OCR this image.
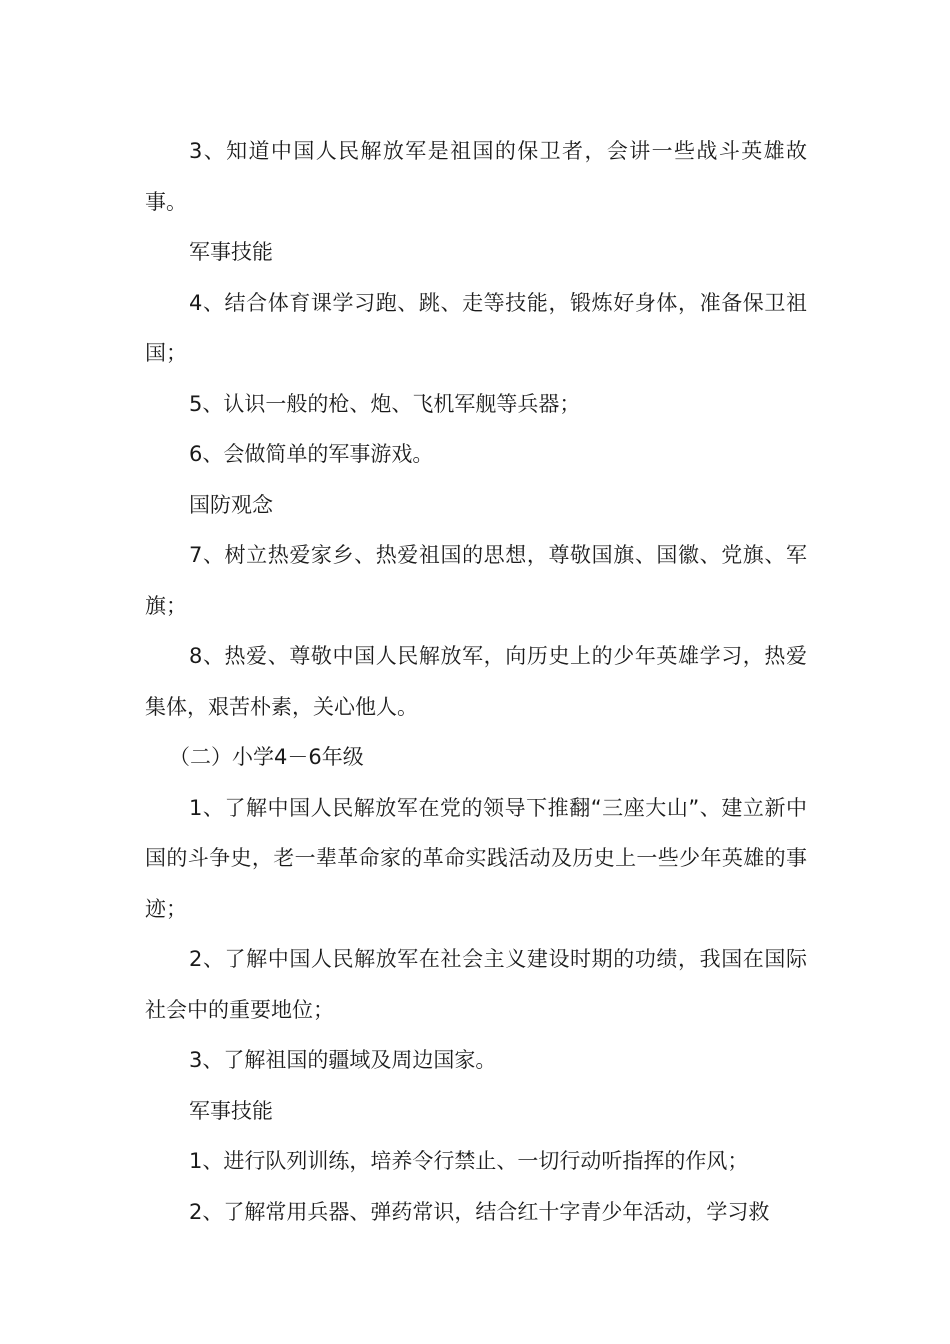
3、知道中国人民解放军是祖国的保卫者，会讲一些战斗英雄故事。

军事技能

4、结合体育课学习跑、跳、走等技能，锻炼好身体，准备保卫祖国；

5、认识一般的枪、炮、飞机军舰等兵器；

6、会做简单的军事游戏。

国防观念

7、树立热爱家乡、热爱祖国的思想，尊敬国旗、国徽、党旗、军旗；

8、热爱、尊敬中国人民解放军，向历史上的少年英雄学习，热爱集体，艰苦朴素，关心他人。

（二）小学4－6年级

1、了解中国人民解放军在党的领导下推翻“三座大山”、建立新中国的斗争史，老一辈革命家的革命实践活动及历史上一些少年英雄的事迹；

2、了解中国人民解放军在社会主义建设时期的功绩，我国在国际社会中的重要地位；

3、了解祖国的疆域及周边国家。

军事技能

1、进行队列训练，培养令行禁止、一切行动听指挥的作风；

2、了解常用兵器、弹药常识，结合红十字青少年活动，学习救
